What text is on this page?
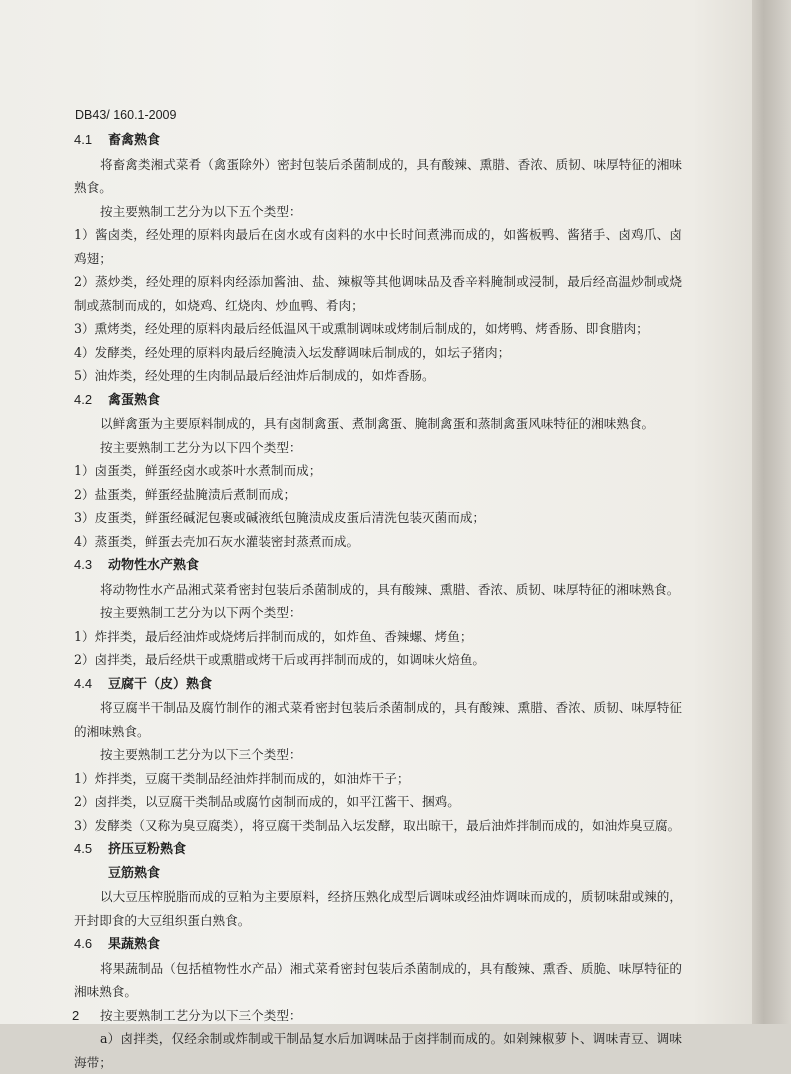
DB43/ 160.1-2009
4.1 畜禽熟食
将畜禽类湘式菜肴（禽蛋除外）密封包装后杀菌制成的，具有酸辣、熏腊、香浓、质韧、味厚特征的湘味熟食。
按主要熟制工艺分为以下五个类型：
1）酱卤类，经处理的原料肉最后在卤水或有卤料的水中长时间煮沸而成的，如酱板鸭、酱猪手、卤鸡爪、卤鸡翅；
2）蒸炒类，经处理的原料肉经添加酱油、盐、辣椒等其他调味品及香辛料腌制或浸制，最后经高温炒制或烧制或蒸制而成的，如烧鸡、红烧肉、炒血鸭、肴肉；
3）熏烤类，经处理的原料肉最后经低温风干或熏制调味或烤制后制成的，如烤鸭、烤香肠、即食腊肉；
4）发酵类，经处理的原料肉最后经腌渍入坛发酵调味后制成的，如坛子猪肉；
5）油炸类，经处理的生肉制品最后经油炸后制成的，如炸香肠。
4.2 禽蛋熟食
以鲜禽蛋为主要原料制成的，具有卤制禽蛋、煮制禽蛋、腌制禽蛋和蒸制禽蛋风味特征的湘味熟食。
按主要熟制工艺分为以下四个类型：
1）卤蛋类，鲜蛋经卤水或茶叶水煮制而成；
2）盐蛋类，鲜蛋经盐腌渍后煮制而成；
3）皮蛋类，鲜蛋经碱泥包裹或碱液纸包腌渍成皮蛋后清洗包装灭菌而成；
4）蒸蛋类，鲜蛋去壳加石灰水灌装密封蒸煮而成。
4.3 动物性水产熟食
将动物性水产品湘式菜肴密封包装后杀菌制成的，具有酸辣、熏腊、香浓、质韧、味厚特征的湘味熟食。
按主要熟制工艺分为以下两个类型：
1）炸拌类，最后经油炸或烧烤后拌制而成的，如炸鱼、香辣螺、烤鱼；
2）卤拌类，最后经烘干或熏腊或烤干后或再拌制而成的，如调味火焙鱼。
4.4 豆腐干（皮）熟食
将豆腐半干制品及腐竹制作的湘式菜肴密封包装后杀菌制成的，具有酸辣、熏腊、香浓、质韧、味厚特征的湘味熟食。
按主要熟制工艺分为以下三个类型：
1）炸拌类，豆腐干类制品经油炸拌制而成的，如油炸干子；
2）卤拌类，以豆腐干类制品或腐竹卤制而成的，如平江酱干、捆鸡。
3）发酵类（又称为臭豆腐类），将豆腐干类制品入坛发酵，取出晾干，最后油炸拌制而成的，如油炸臭豆腐。
4.5 挤压豆粉熟食
豆筋熟食
以大豆压榨脱脂而成的豆粕为主要原料，经挤压熟化成型后调味或经油炸调味而成的，质韧味甜或辣的，开封即食的大豆组织蛋白熟食。
4.6 果蔬熟食
将果蔬制品（包括植物性水产品）湘式菜肴密封包装后杀菌制成的，具有酸辣、熏香、质脆、味厚特征的湘味熟食。
按主要熟制工艺分为以下三个类型：
a）卤拌类，仅经余制或炸制或干制品复水后加调味品于卤拌制而成的。如剁辣椒萝卜、调味青豆、调味海带；
2
